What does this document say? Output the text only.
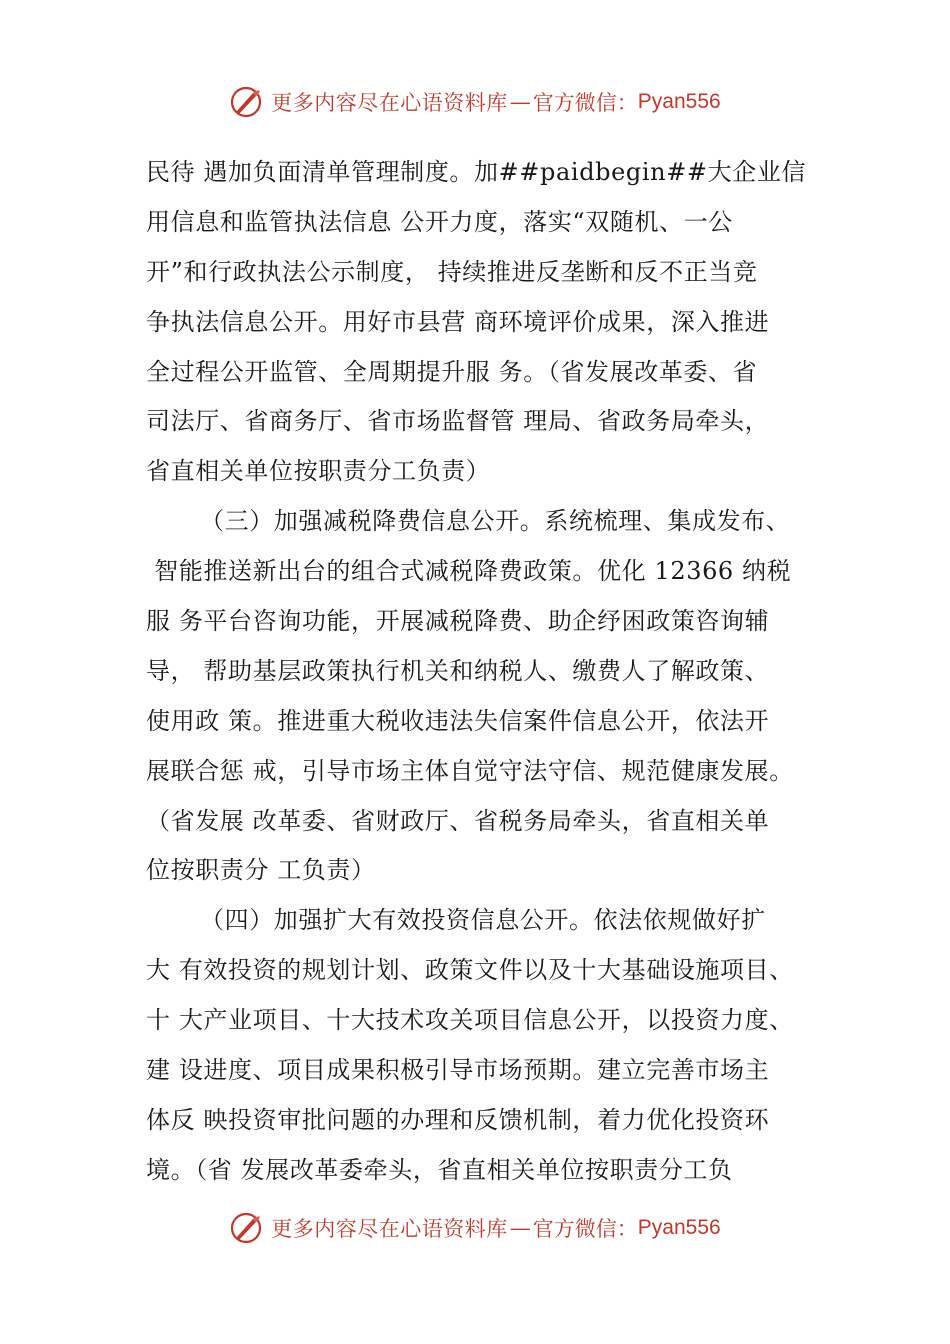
更多内容尽在心语资料库 — 官方微信： Pyan556
民待 遇加负面清单管理制度。加##paidbegin##大企业信
用信息和监管执法信息 公开力度，落实“双随机、一公
开”和行政执法公示制度， 持续推进反垄断和反不正当竞
争执法信息公开。用好市县营 商环境评价成果，深入推进
全过程公开监管、全周期提升服 务。（省发展改革委、省
司法厅、省商务厅、省市场监督管 理局、省政务局牵头，
省直相关单位按职责分工负责）
（三）加强减税降费信息公开。系统梳理、集成发布、
智能推送新出台的组合式减税降费政策。优化 12366 纳税
服 务平台咨询功能，开展减税降费、助企纾困政策咨询辅
导， 帮助基层政策执行机关和纳税人、缴费人了解政策、
使用政 策。推进重大税收违法失信案件信息公开，依法开
展联合惩 戒，引导市场主体自觉守法守信、规范健康发展。
（省发展 改革委、省财政厅、省税务局牵头，省直相关单
位按职责分 工负责）
（四）加强扩大有效投资信息公开。依法依规做好扩
大 有效投资的规划计划、政策文件以及十大基础设施项目、
十 大产业项目、十大技术攻关项目信息公开，以投资力度、
建 设进度、项目成果积极引导市场预期。建立完善市场主
体反 映投资审批问题的办理和反馈机制，着力优化投资环
境。（省 发展改革委牵头，省直相关单位按职责分工负
更多内容尽在心语资料库 — 官方微信： Pyan556
